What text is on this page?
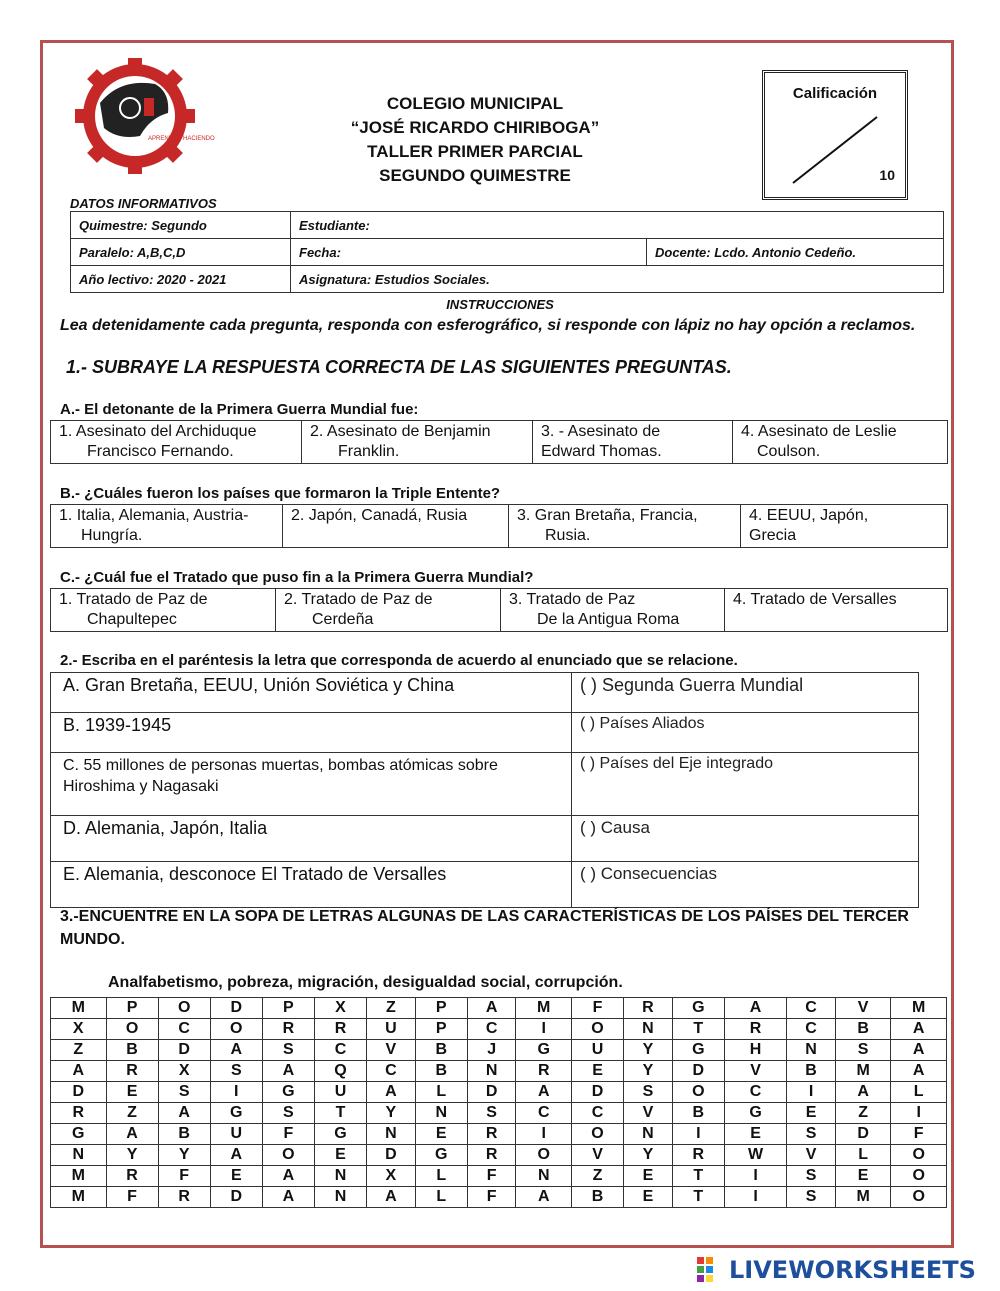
APRENDER HACIENDO
COLEGIO MUNICIPAL
“JOSÉ RICARDO CHIRIBOGA”
TALLER PRIMER PARCIAL
SEGUNDO QUIMESTRE
Calificación
10
DATOS INFORMATIVOS
Quimestre: Segundo	Estudiante:	
Paralelo: A,B,C,D	Fecha:	Docente: Lcdo. Antonio Cedeño.
Año lectivo: 2020 - 2021	Asignatura: Estudios Sociales.	
INSTRUCCIONES
Lea detenidamente cada pregunta, responda con esferográfico, si responde con lápiz no hay opción a reclamos.
1.- SUBRAYE LA RESPUESTA CORRECTA DE LAS SIGUIENTES PREGUNTAS.
A.- El detonante de la Primera Guerra Mundial fue:
1. Asesinato del Archiduque
Francisco Fernando.
	2. Asesinato de Benjamin
Franklin.
	3. - Asesinato de
Edward Thomas.
	4. Asesinato de Leslie
Coulson.
B.- ¿Cuáles fueron los países que formaron la Triple Entente?
1. Italia, Alemania, Austria-
Hungría.
	2. Japón, Canadá, Rusia	3. Gran Bretaña, Francia,
Rusia.
	4. EEUU, Japón,
Grecia
C.- ¿Cuál fue el Tratado que puso fin a la Primera Guerra Mundial?
1. Tratado de Paz de
Chapultepec
	2. Tratado de Paz de
Cerdeña
	3. Tratado de Paz
De la Antigua Roma
	4. Tratado de Versalles
2.- Escriba en el paréntesis la letra que corresponda de acuerdo al enunciado que se relacione.
A. Gran Bretaña, EEUU, Unión Soviética y China	( ) Segunda Guerra Mundial
B. 1939-1945	( ) Países Aliados
C. 55 millones de personas muertas, bombas atómicas sobre Hiroshima y Nagasaki	( ) Países del Eje integrado
D. Alemania, Japón, Italia	( ) Causa
E. Alemania, desconoce El Tratado de Versalles	( ) Consecuencias
3.-ENCUENTRE EN LA SOPA DE LETRAS ALGUNAS DE LAS CARACTERÍSTICAS DE LOS PAÍSES DEL TERCER MUNDO.
Analfabetismo, pobreza, migración, desigualdad social, corrupción.
M	P	O	D	P	X	Z	P	A	M	F	R	G	A	C	V	M
X	O	C	O	R	R	U	P	C	I	O	N	T	R	C	B	A
Z	B	D	A	S	C	V	B	J	G	U	Y	G	H	N	S	A
A	R	X	S	A	Q	C	B	N	R	E	Y	D	V	B	M	A
D	E	S	I	G	U	A	L	D	A	D	S	O	C	I	A	L
R	Z	A	G	S	T	Y	N	S	C	C	V	B	G	E	Z	I
G	A	B	U	F	G	N	E	R	I	O	N	I	E	S	D	F
N	Y	Y	A	O	E	D	G	R	O	V	Y	R	W	V	L	O
M	R	F	E	A	N	X	L	F	N	Z	E	T	I	S	E	O
M	F	R	D	A	N	A	L	F	A	B	E	T	I	S	M	O
LIVEWORKSHEETS
